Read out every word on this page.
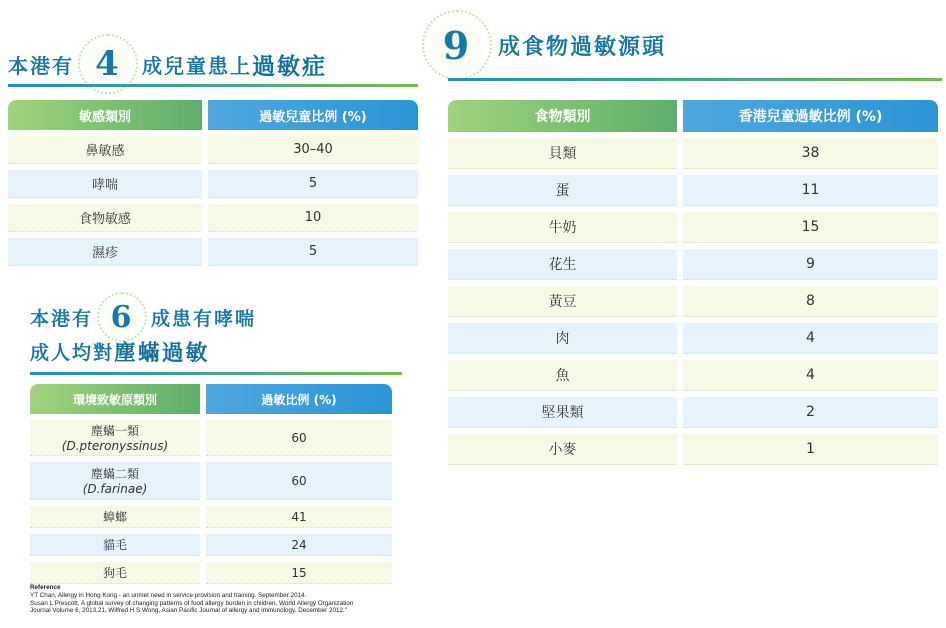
本港有 4 成兒童患上 過敏症
敏感類別		過敏兒童比例 (%)

鼻敏感		30–40

哮喘		5

食物敏感		10

濕疹		5
本港有 6 成患有哮喘
成人均對 塵蟎過敏
環境致敏原類別		過敏比例 (%)

塵蟎一類
(D.pteronyssinus)		60

塵蟎二類
(D.farinae)		60

蟑螂		41

貓毛		24

狗毛		15
9 成食物過敏源頭
食物類別		香港兒童過敏比例 (%)

貝類		38

蛋		11

牛奶		15

花生		9

黃豆		8

肉		4

魚		4

堅果類		2

小麥		1
Reference
YT Chan, Allergy in Hong Kong - an unmet need in service provision and training. September 2014.
Susan L Prescott, A global survey of changing patterns of food allergy burden in children, World Allergy Organization
Journal Volume 6, 2013,21, Wilfred H S Wong, Asian Pacific Journal of allergy and immunology. December 2012."
